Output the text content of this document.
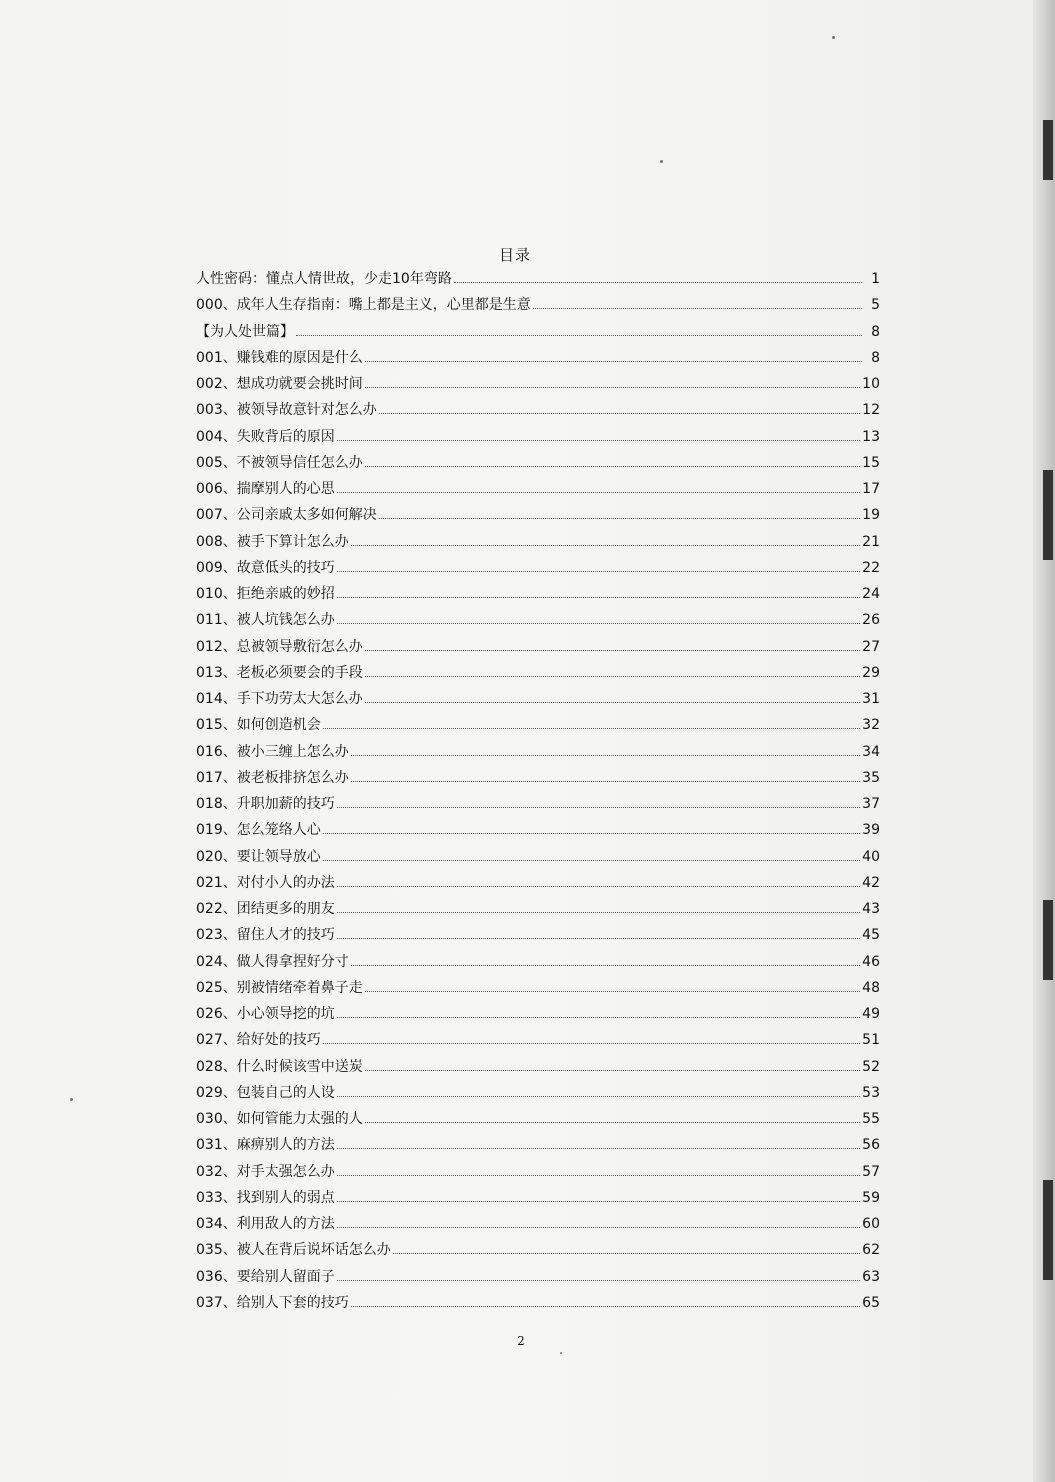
目录
人性密码：懂点人情世故，少走10年弯路	1
000、成年人生存指南：嘴上都是主义，心里都是生意	5
【为人处世篇】	8
001、赚钱难的原因是什么	8
002、想成功就要会挑时间	10
003、被领导故意针对怎么办	12
004、失败背后的原因	13
005、不被领导信任怎么办	15
006、揣摩别人的心思	17
007、公司亲戚太多如何解决	19
008、被手下算计怎么办	21
009、故意低头的技巧	22
010、拒绝亲戚的妙招	24
011、被人坑钱怎么办	26
012、总被领导敷衍怎么办	27
013、老板必须要会的手段	29
014、手下功劳太大怎么办	31
015、如何创造机会	32
016、被小三缠上怎么办	34
017、被老板排挤怎么办	35
018、升职加薪的技巧	37
019、怎么笼络人心	39
020、要让领导放心	40
021、对付小人的办法	42
022、团结更多的朋友	43
023、留住人才的技巧	45
024、做人得拿捏好分寸	46
025、别被情绪牵着鼻子走	48
026、小心领导挖的坑	49
027、给好处的技巧	51
028、什么时候该雪中送炭	52
029、包装自己的人设	53
030、如何管能力太强的人	55
031、麻痹别人的方法	56
032、对手太强怎么办	57
033、找到别人的弱点	59
034、利用敌人的方法	60
035、被人在背后说坏话怎么办	62
036、要给别人留面子	63
037、给别人下套的技巧	65
2
